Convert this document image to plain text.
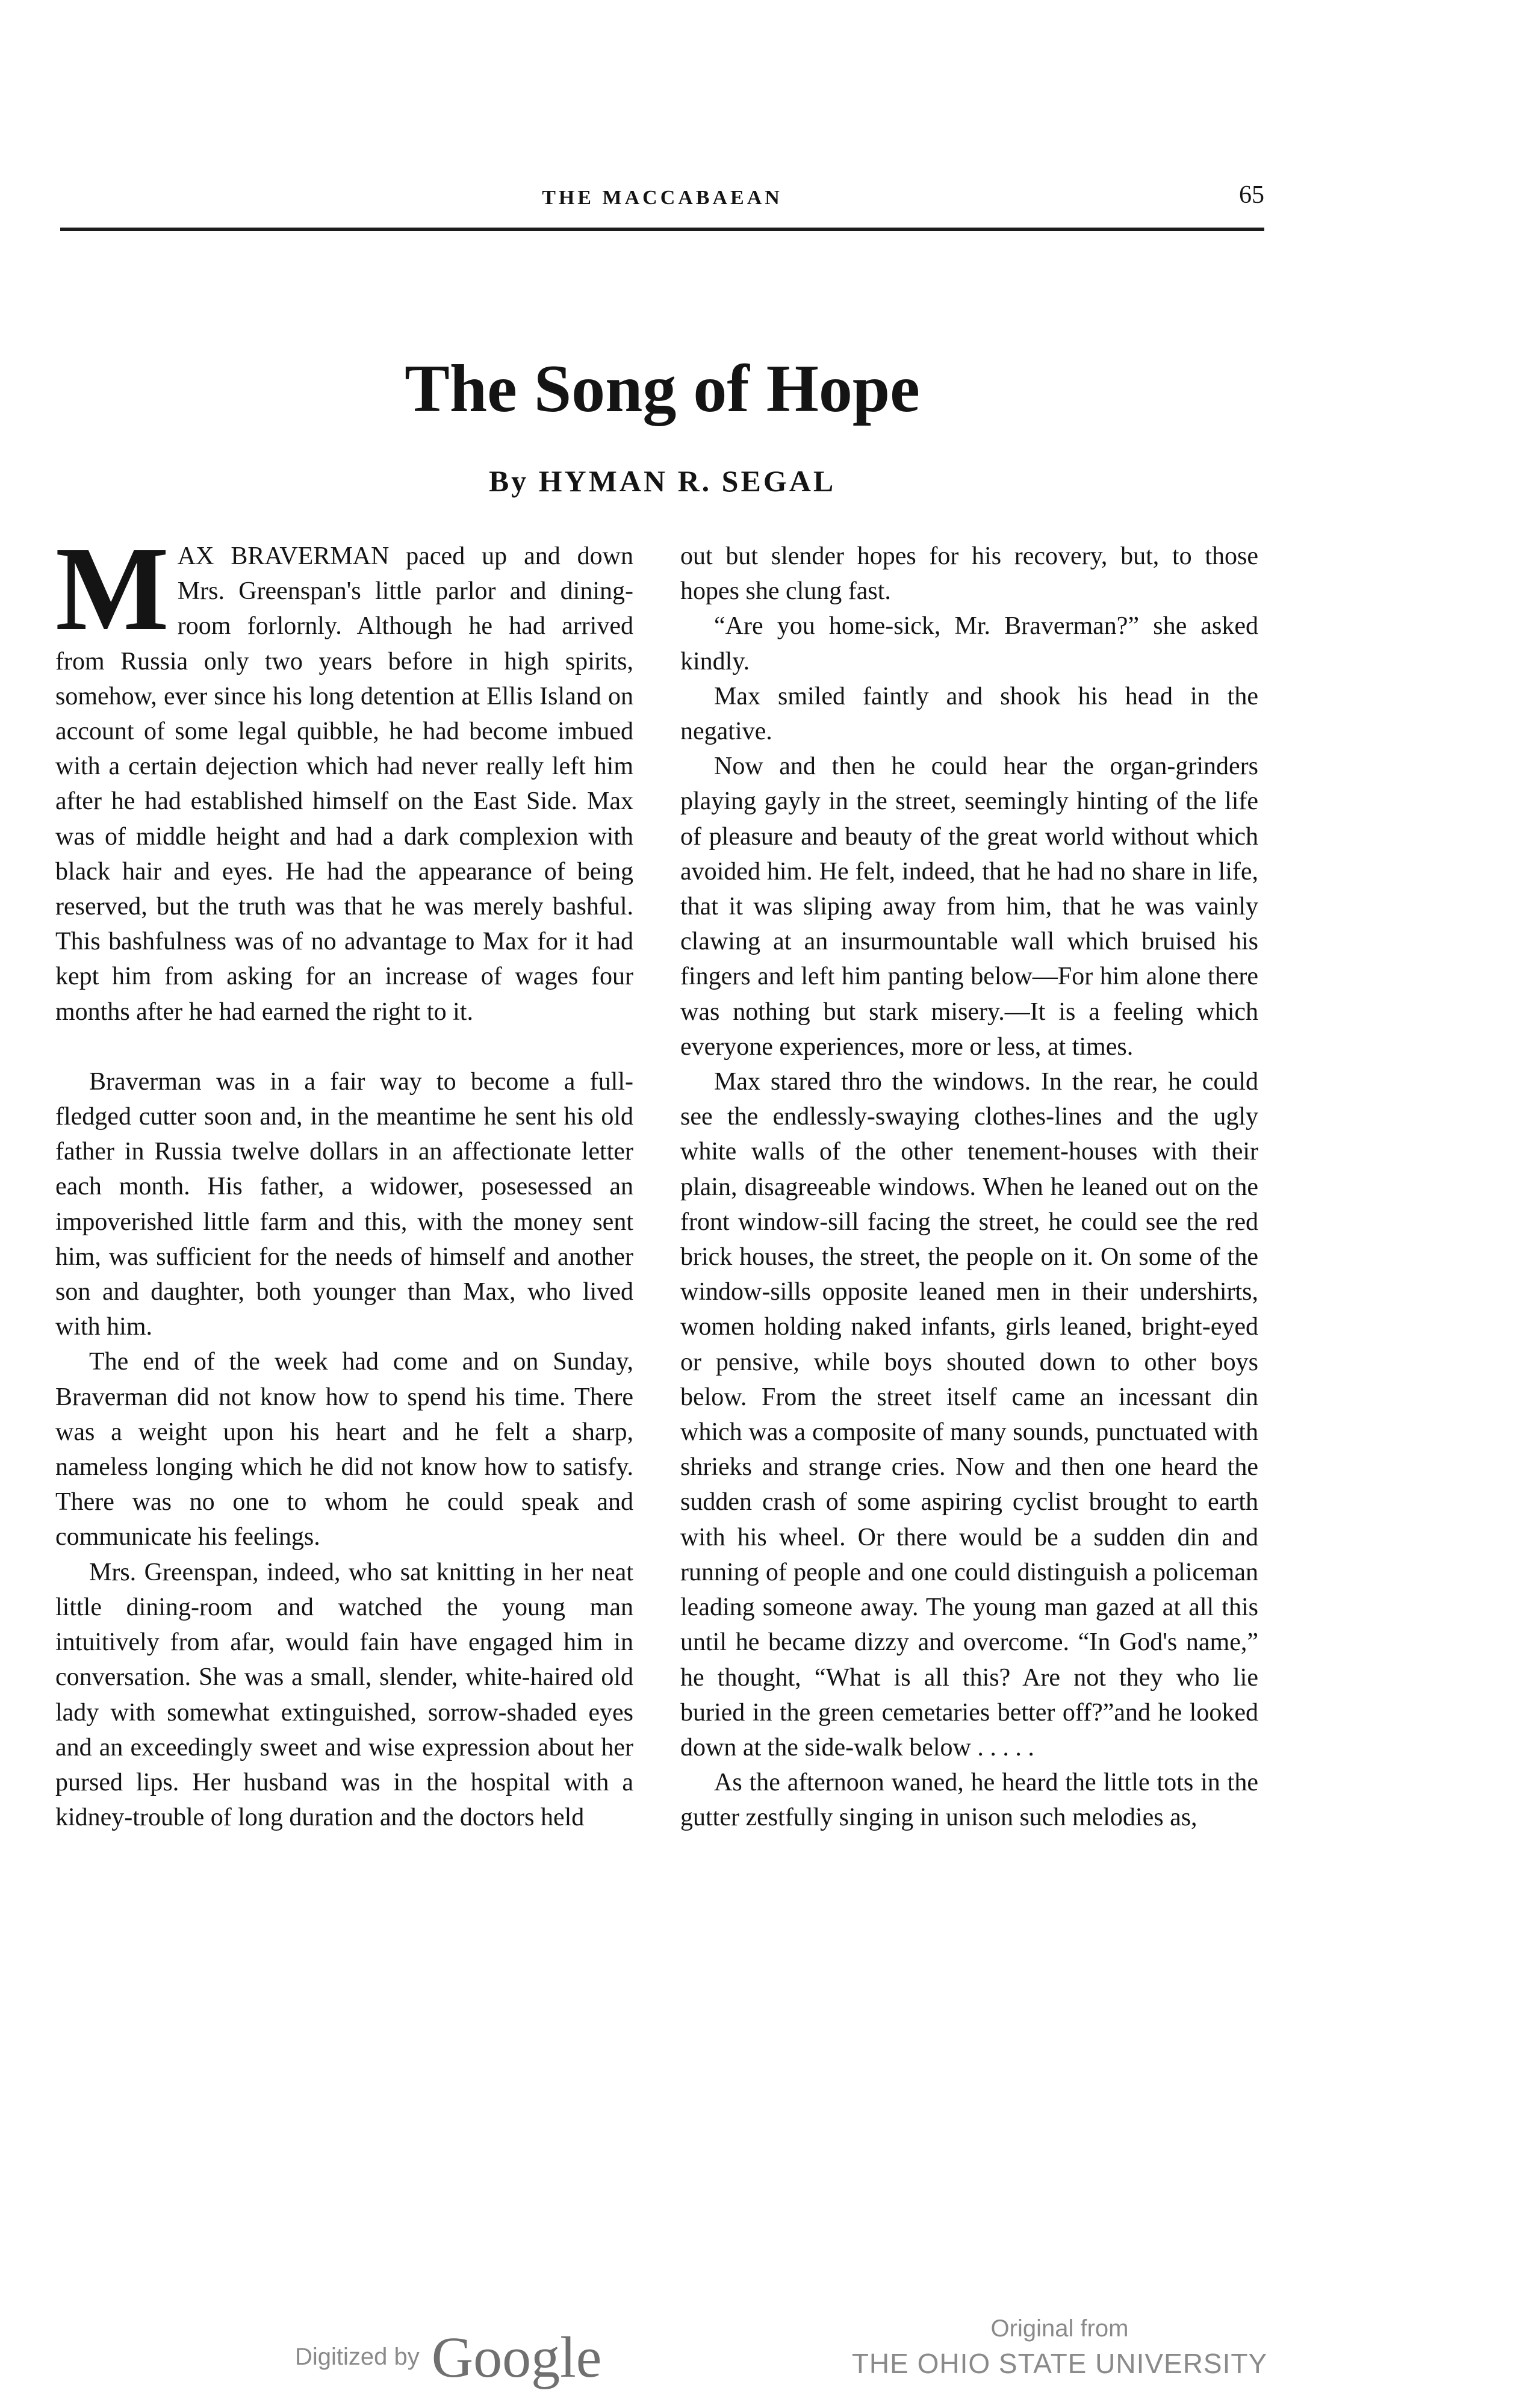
THE MACCABAEAN	65
The Song of Hope
By HYMAN R. SEGAL

MAX BRAVERMAN paced up and down Mrs. Greenspan's little parlor and dining-room forlornly. Although he had arrived from Russia only two years before in high spirits, somehow, ever since his long detention at Ellis Island on account of some legal quibble, he had become imbued with a certain dejection which had never really left him after he had established himself on the East Side. Max was of middle height and had a dark complexion with black hair and eyes. He had the appearance of being reserved, but the truth was that he was merely bashful. This bashfulness was of no advantage to Max for it had kept him from asking for an increase of wages four months after he had earned the right to it.

Braverman was in a fair way to become a full-fledged cutter soon and, in the meantime he sent his old father in Russia twelve dollars in an affectionate letter each month. His father, a widower, posesessed an impoverished little farm and this, with the money sent him, was sufficient for the needs of himself and another son and daughter, both younger than Max, who lived with him.

The end of the week had come and on Sunday, Braverman did not know how to spend his time. There was a weight upon his heart and he felt a sharp, nameless longing which he did not know how to satisfy. There was no one to whom he could speak and communicate his feelings.

Mrs. Greenspan, indeed, who sat knitting in her neat little dining-room and watched the young man intuitively from afar, would fain have engaged him in conversation. She was a small, slender, white-haired old lady with somewhat extinguished, sorrow-shaded eyes and an exceedingly sweet and wise expression about her pursed lips. Her husband was in the hospital with a kidney-trouble of long duration and the doctors held

out but slender hopes for his recovery, but, to those hopes she clung fast.

“Are you home-sick, Mr. Braverman?” she asked kindly.

Max smiled faintly and shook his head in the negative.

Now and then he could hear the organ-grinders playing gayly in the street, seemingly hinting of the life of pleasure and beauty of the great world without which avoided him. He felt, indeed, that he had no share in life, that it was sliping away from him, that he was vainly clawing at an insurmountable wall which bruised his fingers and left him panting below—For him alone there was nothing but stark misery.—It is a feeling which everyone experiences, more or less, at times.

Max stared thro the windows. In the rear, he could see the endlessly-swaying clothes-lines and the ugly white walls of the other tenement-houses with their plain, disagreeable windows. When he leaned out on the front window-sill facing the street, he could see the red brick houses, the street, the people on it. On some of the window-sills opposite leaned men in their undershirts, women holding naked infants, girls leaned, bright-eyed or pensive, while boys shouted down to other boys below. From the street itself came an incessant din which was a composite of many sounds, punctuated with shrieks and strange cries. Now and then one heard the sudden crash of some aspiring cyclist brought to earth with his wheel. Or there would be a sudden din and running of people and one could distinguish a policeman leading someone away. The young man gazed at all this until he became dizzy and overcome. “In God's name,” he thought, “What is all this? Are not they who lie buried in the green cemetaries better off?”and he looked down at the side-walk below . . . . .

As the afternoon waned, he heard the little tots in the gutter zestfully singing in unison such melodies as,

Digitized by Google	Original from
THE OHIO STATE UNIVERSITY
